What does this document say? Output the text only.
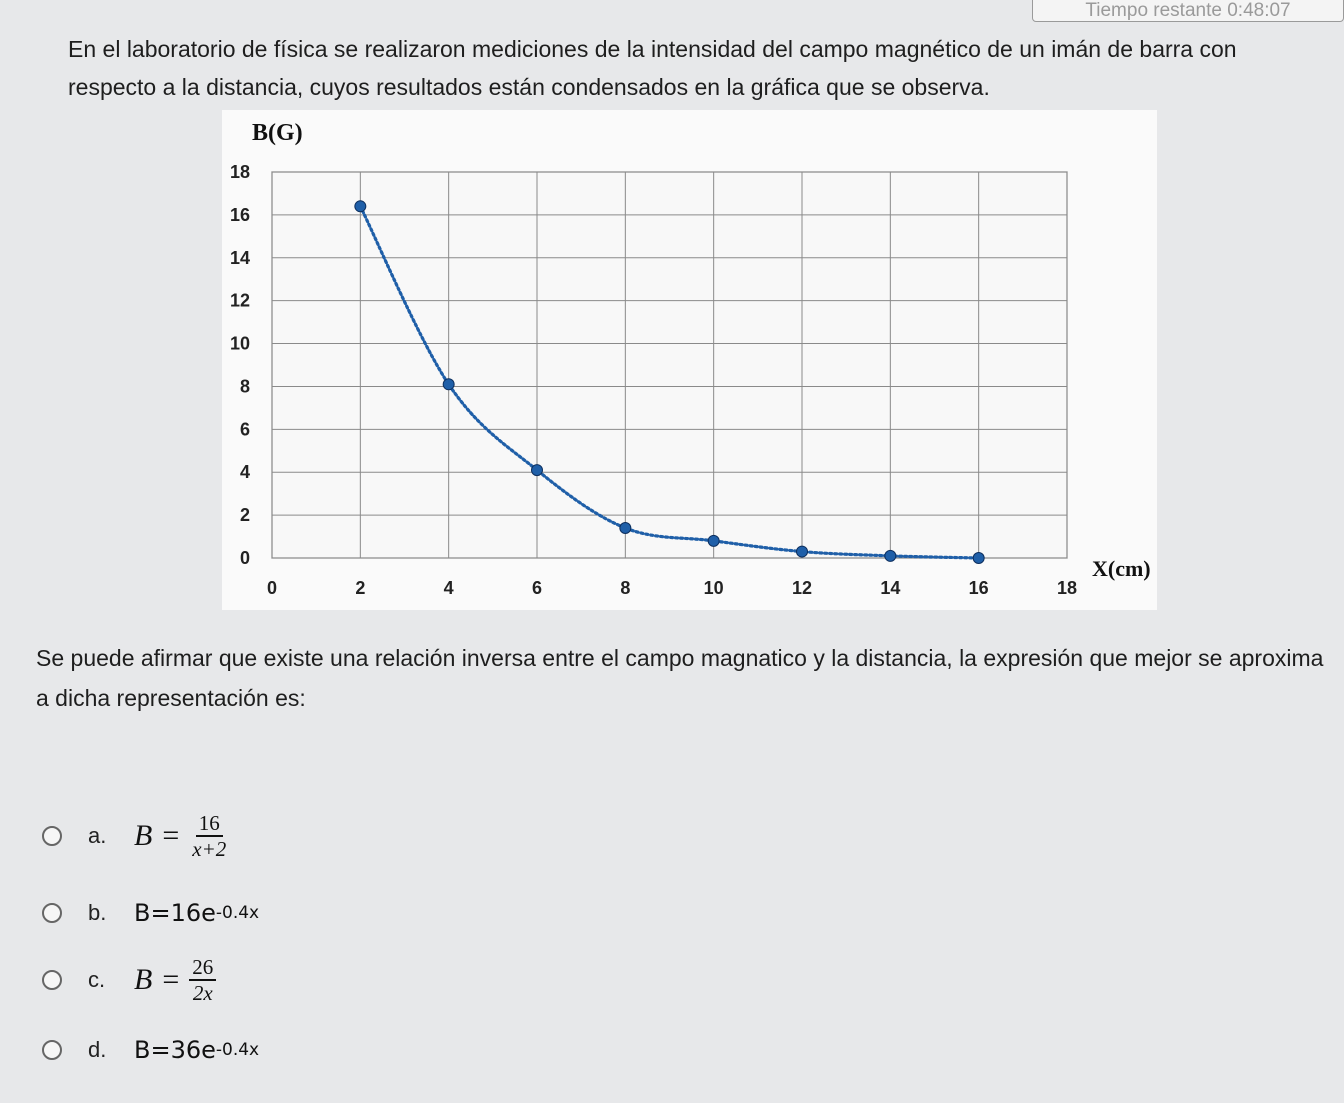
Tiempo restante 0:48:07
En el laboratorio de física se realizaron mediciones de la intensidad del campo magnético de un imán de barra con respecto a la distancia, cuyos resultados están condensados en la gráfica que se observa.
0
2
4
6
8
10
12
14
16
18
0	2	4	6	8	10	12	14	16	18
B(G)
X(cm)
Se puede afirmar que existe una relación inversa entre el campo magnatico y la distancia, la expresión que mejor se aproxima a dicha representación es:
a. $B = \frac{16}{x+2}$
b.	B=16e -0.4x
c. $B = \frac{26}{2x}$
d.	B=36e -0.4x
